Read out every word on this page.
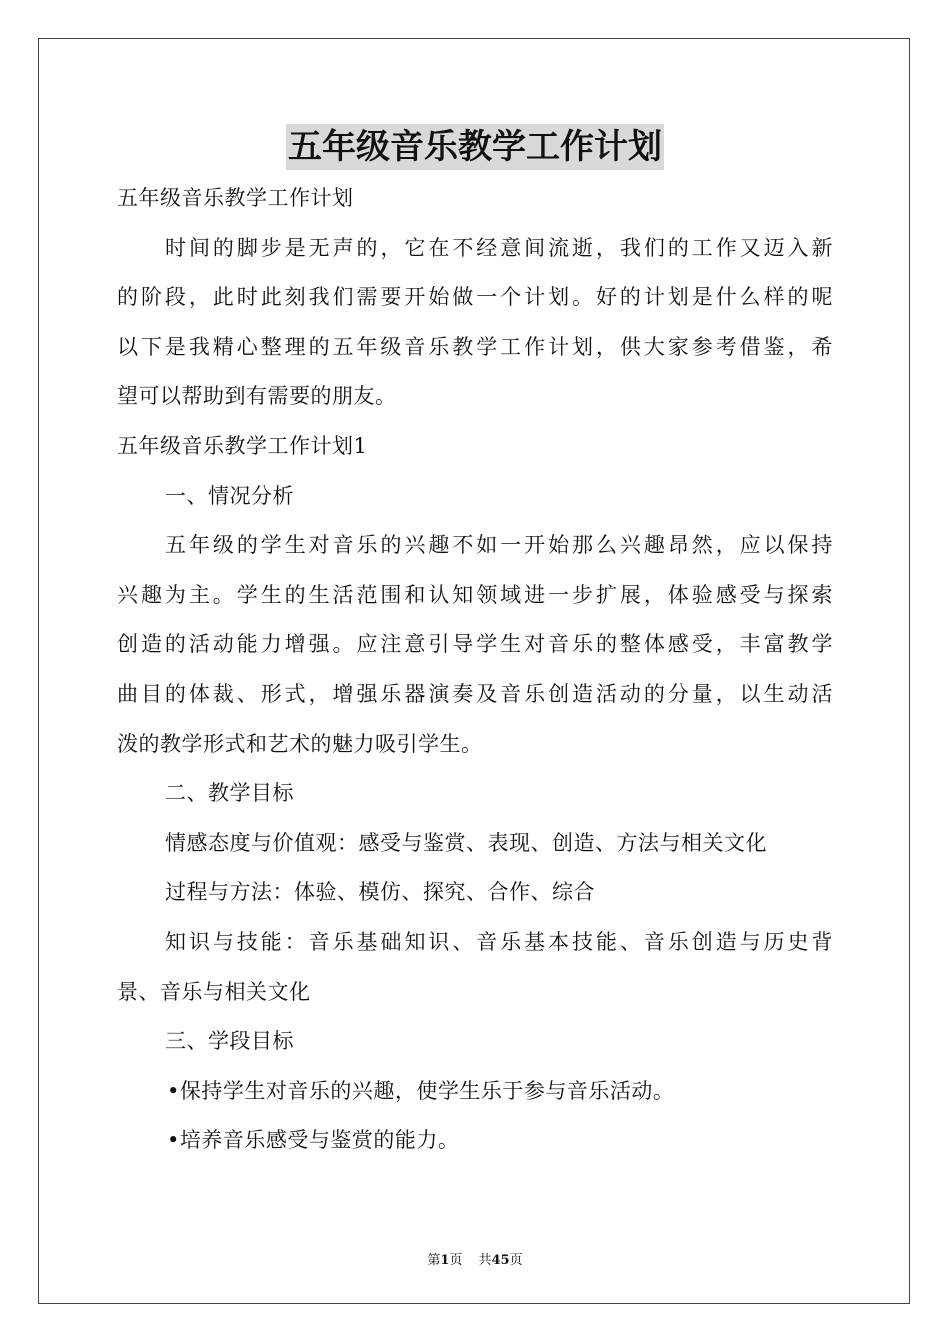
五年级音乐教学工作计划
五年级音乐教学工作计划
时间的脚步是无声的，它在不经意间流逝，我们的工作又迈入新
的阶段，此时此刻我们需要开始做一个计划。好的计划是什么样的呢
以下是我精心整理的五年级音乐教学工作计划，供大家参考借鉴，希
望可以帮助到有需要的朋友。
五年级音乐教学工作计划1
一、情况分析
五年级的学生对音乐的兴趣不如一开始那么兴趣昂然，应以保持
兴趣为主。学生的生活范围和认知领域进一步扩展，体验感受与探索
创造的活动能力增强。应注意引导学生对音乐的整体感受，丰富教学
曲目的体裁、形式，增强乐器演奏及音乐创造活动的分量，以生动活
泼的教学形式和艺术的魅力吸引学生。
二、教学目标
情感态度与价值观：感受与鉴赏、表现、创造、方法与相关文化
过程与方法：体验、模仿、探究、合作、综合
知识与技能：音乐基础知识、音乐基本技能、音乐创造与历史背
景、音乐与相关文化
三、学段目标
•保持学生对音乐的兴趣，使学生乐于参与音乐活动。
•培养音乐感受与鉴赏的能力。
第1页 共45页
